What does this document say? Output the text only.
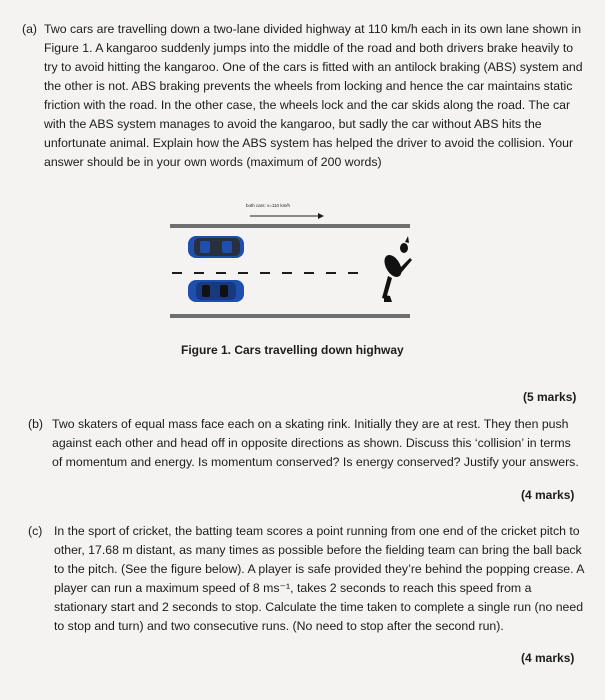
(a) Two cars are travelling down a two-lane divided highway at 110 km/h each in its own lane shown in Figure 1. A kangaroo suddenly jumps into the middle of the road and both drivers brake heavily to try to avoid hitting the kangaroo. One of the cars is fitted with an antilock braking (ABS) system and the other is not. ABS braking prevents the wheels from locking and hence the car maintains static friction with the road. In the other case, the wheels lock and the car skids along the road. The car with the ABS system manages to avoid the kangaroo, but sadly the car without ABS hits the unfortunate animal. Explain how the ABS system has helped the driver to avoid the collision. Your answer should be in your own words (maximum of 200 words)
both cars: v=110 km/h
Figure 1. Cars travelling down highway
(5 marks)
(b) Two skaters of equal mass face each on a skating rink. Initially they are at rest. They then push against each other and head off in opposite directions as shown. Discuss this ‘collision’ in terms of momentum and energy. Is momentum conserved? Is energy conserved? Justify your answers.
(4 marks)
(c) In the sport of cricket, the batting team scores a point running from one end of the cricket pitch to other, 17.68 m distant, as many times as possible before the fielding team can bring the ball back to the pitch. (See the figure below). A player is safe provided they’re behind the popping crease. A player can run a maximum speed of 8 ms⁻¹, takes 2 seconds to reach this speed from a stationary start and 2 seconds to stop. Calculate the time taken to complete a single run (no need to stop and turn) and two consecutive runs. (No need to stop after the second run).
(4 marks)
